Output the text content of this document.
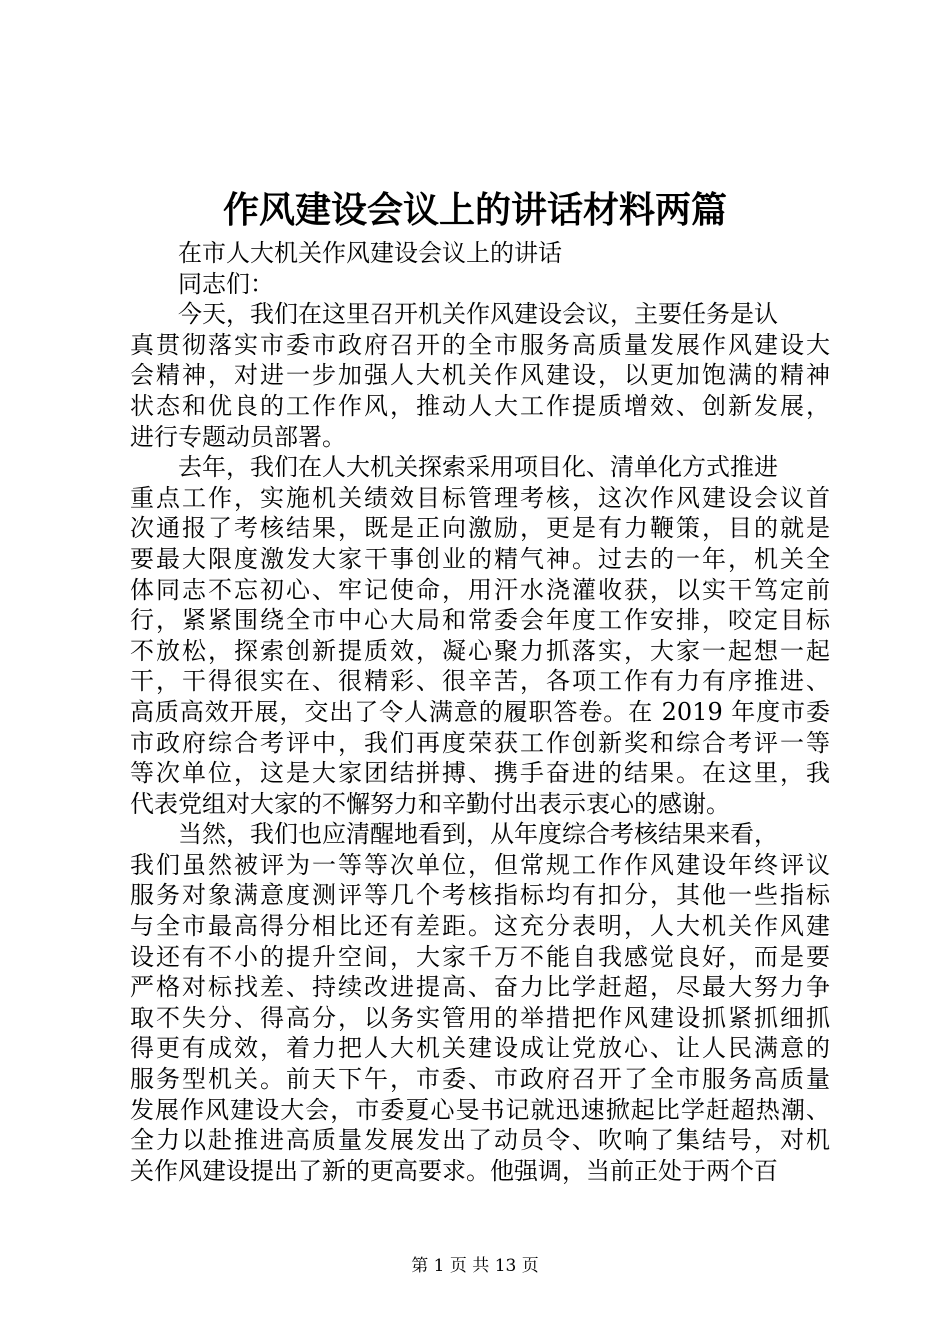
作风建设会议上的讲话材料两篇
在市人大机关作风建设会议上的讲话
同志们：
今天，我们在这里召开机关作风建设会议，主要任务是认
真贯彻落实市委市政府召开的全市服务高质量发展作风建设大
会精神，对进一步加强人大机关作风建设，以更加饱满的精神
状态和优良的工作作风，推动人大工作提质增效、创新发展，
进行专题动员部署。
去年，我们在人大机关探索采用项目化、清单化方式推进
重点工作，实施机关绩效目标管理考核，这次作风建设会议首
次通报了考核结果，既是正向激励，更是有力鞭策，目的就是
要最大限度激发大家干事创业的精气神。过去的一年，机关全
体同志不忘初心、牢记使命，用汗水浇灌收获，以实干笃定前
行，紧紧围绕全市中心大局和常委会年度工作安排，咬定目标
不放松，探索创新提质效，凝心聚力抓落实，大家一起想一起
干，干得很实在、很精彩、很辛苦，各项工作有力有序推进、
高质高效开展，交出了令人满意的履职答卷。在 2019 年度市委
市政府综合考评中，我们再度荣获工作创新奖和综合考评一等
等次单位，这是大家团结拼搏、携手奋进的结果。在这里，我
代表党组对大家的不懈努力和辛勤付出表示衷心的感谢。
当然，我们也应清醒地看到，从年度综合考核结果来看，
我们虽然被评为一等等次单位，但常规工作作风建设年终评议
服务对象满意度测评等几个考核指标均有扣分，其他一些指标
与全市最高得分相比还有差距。这充分表明，人大机关作风建
设还有不小的提升空间，大家千万不能自我感觉良好，而是要
严格对标找差、持续改进提高、奋力比学赶超，尽最大努力争
取不失分、得高分，以务实管用的举措把作风建设抓紧抓细抓
得更有成效，着力把人大机关建设成让党放心、让人民满意的
服务型机关。前天下午，市委、市政府召开了全市服务高质量
发展作风建设大会，市委夏心旻书记就迅速掀起比学赶超热潮、
全力以赴推进高质量发展发出了动员令、吹响了集结号，对机
关作风建设提出了新的更高要求。他强调，当前正处于两个百
第 1 页 共 13 页
